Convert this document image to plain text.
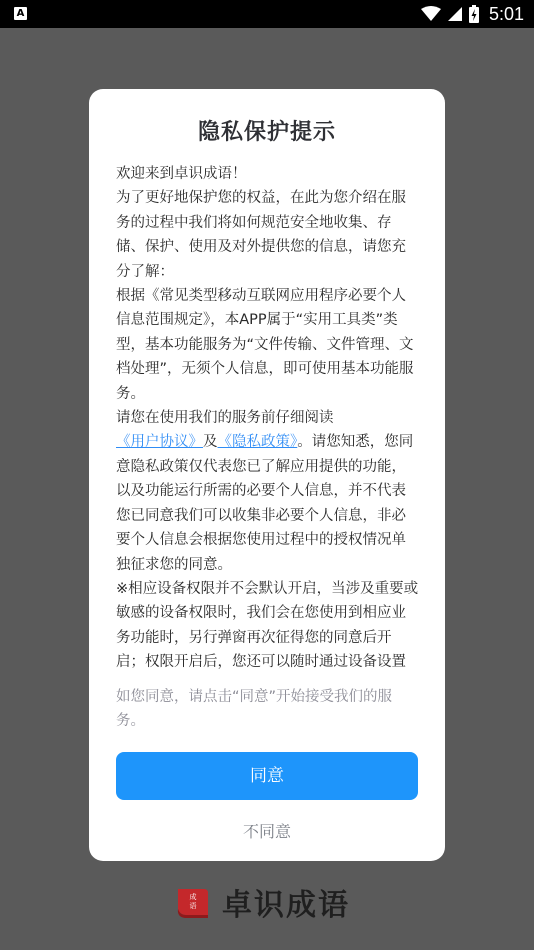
A	5:01
隐私保护提示

欢迎来到卓识成语！

为了更好地保护您的权益，在此为您介绍在服务的过程中我们将如何规范安全地收集、存储、保护、使用及对外提供您的信息，请您充分了解：

根据《常见类型移动互联网应用程序必要个人信息范围规定》，本APP属于“实用工具类”类型，基本功能服务为“文件传输、文件管理、文档处理”，无须个人信息，即可使用基本功能服务。

请您在使用我们的服务前仔细阅读《用户协议》及《隐私政策》。请您知悉，您同意隐私政策仅代表您已了解应用提供的功能，以及功能运行所需的必要个人信息，并不代表您已同意我们可以收集非必要个人信息，非必要个人信息会根据您使用过程中的授权情况单独征求您的同意。

※相应设备权限并不会默认开启，当涉及重要或敏感的设备权限时，我们会在您使用到相应业务功能时，另行弹窗再次征得您的同意后开启；权限开启后，您还可以随时通过设备设置

如您同意，请点击“同意”开始接受我们的服务。
同意
不同意
成
语 卓识成语
